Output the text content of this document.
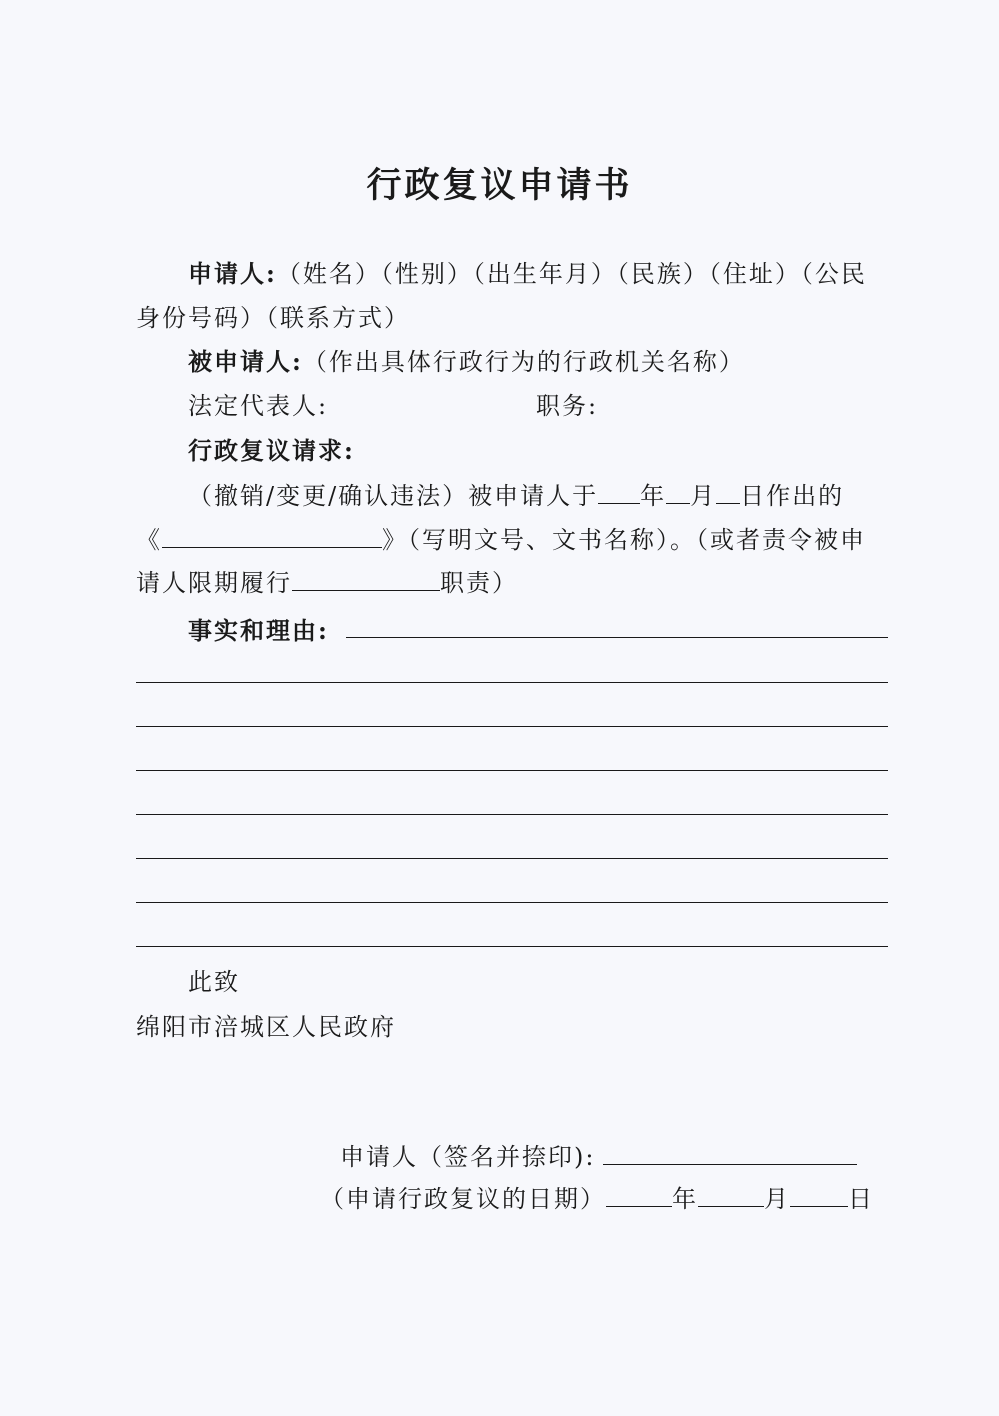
行政复议申请书
申请人:（姓名）（性别）（出生年月）（民族）（住址）（公民
身份号码）（联系方式）
被申请人:（作出具体行政行为的行政机关名称）
法定代表人:	职务:
行政复议请求:
（撤销/变更/确认违法）被申请人于 年 月 日作出的
《	》（写明文号、文书名称）。（或者责令被申
请人限期履行	职责）
事实和理由:
此致
绵阳市涪城区人民政府
申请人（签名并捺印):
（申请行政复议的日期）	年	月 日
